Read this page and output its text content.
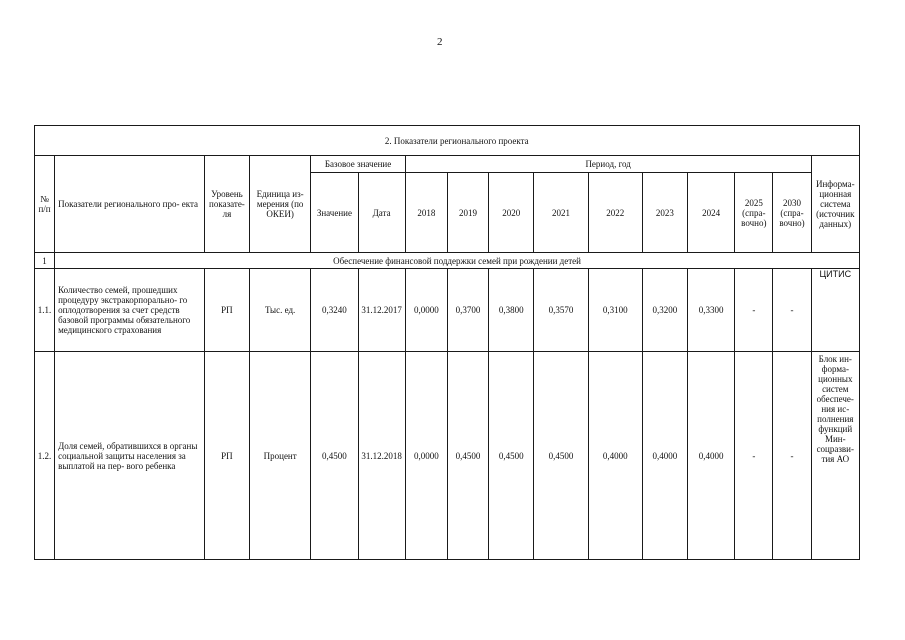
2
	2. Показатели регионального проекта														
№ п/п	Показатели регионального про- екта	Уровень показате- ля	Единица из- мерения (по ОКЕИ)	Базовое значение		Период, год									Информа- ционная система (источник данных)
				Значение	Дата	2018	2019	2020	2021	2022	2023	2024	2025 (спра- вочно)	2030 (спра- вочно)	
1	Обеспечение финансовой поддержки семей при рождении детей														
1.1.	Количество семей, прошедших процедуру экстракорпорально- го оплодотворения за счет средств базовой программы обязательного медицинского страхования	РП	Тыс. ед.	0,3240	31.12.2017	0,0000	0,3700	0,3800	0,3570	0,3100	0,3200	0,3300	-	-	ЦИТИС
1.2.	Доля семей, обратившихся в органы социальной защиты населения за выплатой на пер- вого ребенка	РП	Процент	0,4500	31.12.2018	0,0000	0,4500	0,4500	0,4500	0,4000	0,4000	0,4000	-	-	Блок ин- форма- ционных систем обеспече- ния ис- полнения функций Мин- соцразви- тия АО
